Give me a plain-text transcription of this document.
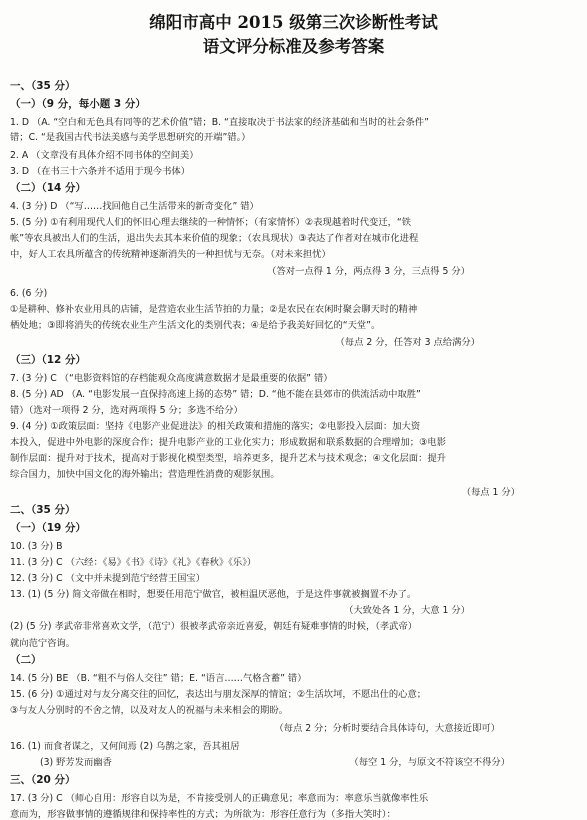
绵阳市高中 2015 级第三次诊断性考试
语文评分标准及参考答案
一、（35 分）
（一）（9 分，每小题 3 分）
1. D （A. “空白和无色具有同等的艺术价值”错；B. “直接取决于书法家的经济基础和当时的社会条件”
错；C. “是我国古代书法美感与美学思想研究的开端”错。）
2. A （文章没有具体介绍不同书体的空间美）
3. D （在书三十六条并不适用于现今书体）
（二）（14 分）
4. (3 分) D （“写……找回他自己生活带来的新奇变化” 错）
5. (5 分) ①有利用现代人们的怀旧心理去继续的一种情怀；（有家情怀）②表现越着时代变迁，“铁
帐”等农具被出人们的生活，退出失去其本来价值的现象；（农具现状）③表达了作者对在城市化进程
中，好人工农具所蕴含的传统精神逐渐消失的一种担忧与无奈。（对未来担忧）
（答对一点得 1 分，两点得 3 分，三点得 5 分）
6. (6 分)
①是耕种、修补农业用具的店铺，是营造农业生活节拍的力量；②是农民在农闲时聚会聊天时的精神
栖处地；③即将消失的传统农业生产生活文化的类别代表；④是给予我美好回忆的“天堂”。
（每点 2 分，任答对 3 点给满分）
（三）（12 分）
7. (3 分) C （“电影资料馆的存档能观众高度满意数据才是最重要的依据” 错）
8. (5 分) AD （A. “电影发展一直保持高速上扬的态势” 错；D. “他不能在县郊市的供流活动中取胜”
错）（选对一项得 2 分，选对两项得 5 分；多选不给分）
9. (4 分) ①政策层面：坚持《电影产业促进法》的相关政策和措施的落实；②电影投入层面：加大资
本投入，促进中外电影的深度合作；提升电影产业的工业化实力；形成数据和联系数据的合理增加；③电影
制作层面：提升对于技术，提高对于影视化模型类型，培养更多，提升艺术与技术观念；④文化层面：提升
综合国力，加快中国文化的海外输出；营造理性消费的观影氛围。
（每点 1 分）
二、（35 分）
（一）（19 分）
10. (3 分) B
11. (3 分) C （六经：《易》《书》《诗》《礼》《春秋》《乐》）
12. (3 分) C （文中并未提到范宁经营王国宝）
13. (1) (5 分) 简文帝做在相时，想要任用范宁做官，被桓温厌恶他，于是这件事就被搁置不办了。
（大致处各 1 分，大意 1 分）
(2) (5 分) 孝武帝非常喜欢文学，（范宁）很被孝武帝亲近喜爱，朝廷有疑难事情的时候，（孝武帝）
就向范宁咨询。
（二）
14. (5 分) BE （B. “粗不与俗人交往” 错；E. “语言……气格含蓄” 错）
15. (6 分) ①通过对与友分离交往的回忆，表达出与朋友深厚的情谊；②生活坎坷，不愿出仕的心意；
③与友人分别时的不舍之情，以及对友人的祝福与未来相会的期盼。
（每点 2 分；分析时要结合具体诗句，大意接近即可）
16. (1) 而食者谋之，又何间焉 (2) 乌鹊之家，吾其祖居
(3) 野芳发而幽香	（每空 1 分，与原文不符该空不得分）
三、（20 分）
17. (3 分) C （师心自用：形容自以为是，不肯接受别人的正确意见；率意而为：率意乐当就像率性乐
意而为，形容做事情的遵循规律和保持率性的方式；为所欲为：形容任意行为（多指大笑时）：
